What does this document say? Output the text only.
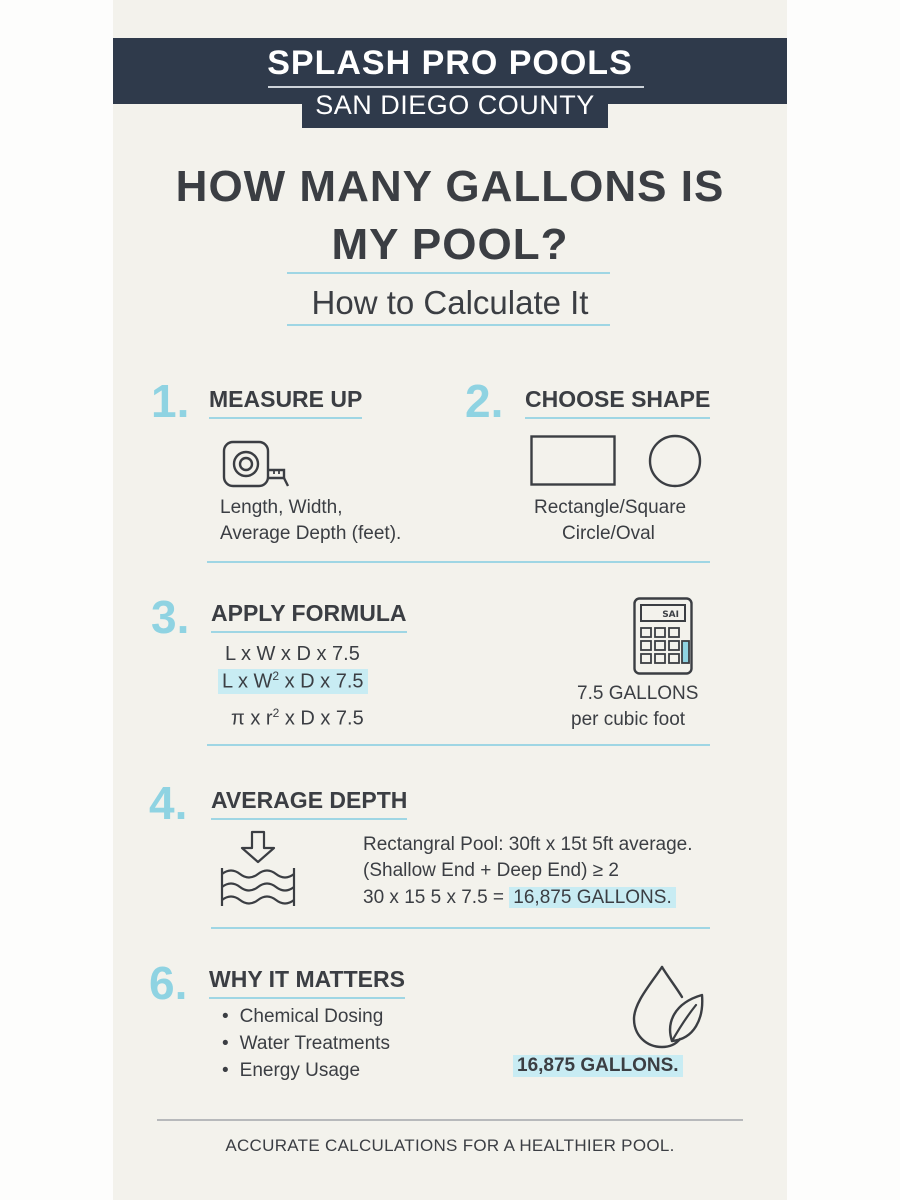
SPLASH PRO POOLS
SAN DIEGO COUNTY
HOW MANY GALLONS IS
MY POOL?
How to Calculate It
1. MEASURE UP
Length, Width,
Average Depth (feet).
2. CHOOSE SHAPE
Rectangle/Square
Circle/Oval
3. APPLY FORMULA
L x W x D x 7.5
L x $W^2$ x D x 7.5
π x $r^2$ x D x 7.5
SAI
7.5 GALLONS
per cubic foot
4. AVERAGE DEPTH
Rectangral Pool: 30ft x 15t 5ft average.
(Shallow End + Deep End) ≥ 2
30 x 15 5 x 7.5 = 16,875 GALLONS.
6. WHY IT MATTERS
• Chemical Dosing
• Water Treatments
• Energy Usage	16,875 GALLONS.
ACCURATE CALCULATIONS FOR A HEALTHIER POOL.
